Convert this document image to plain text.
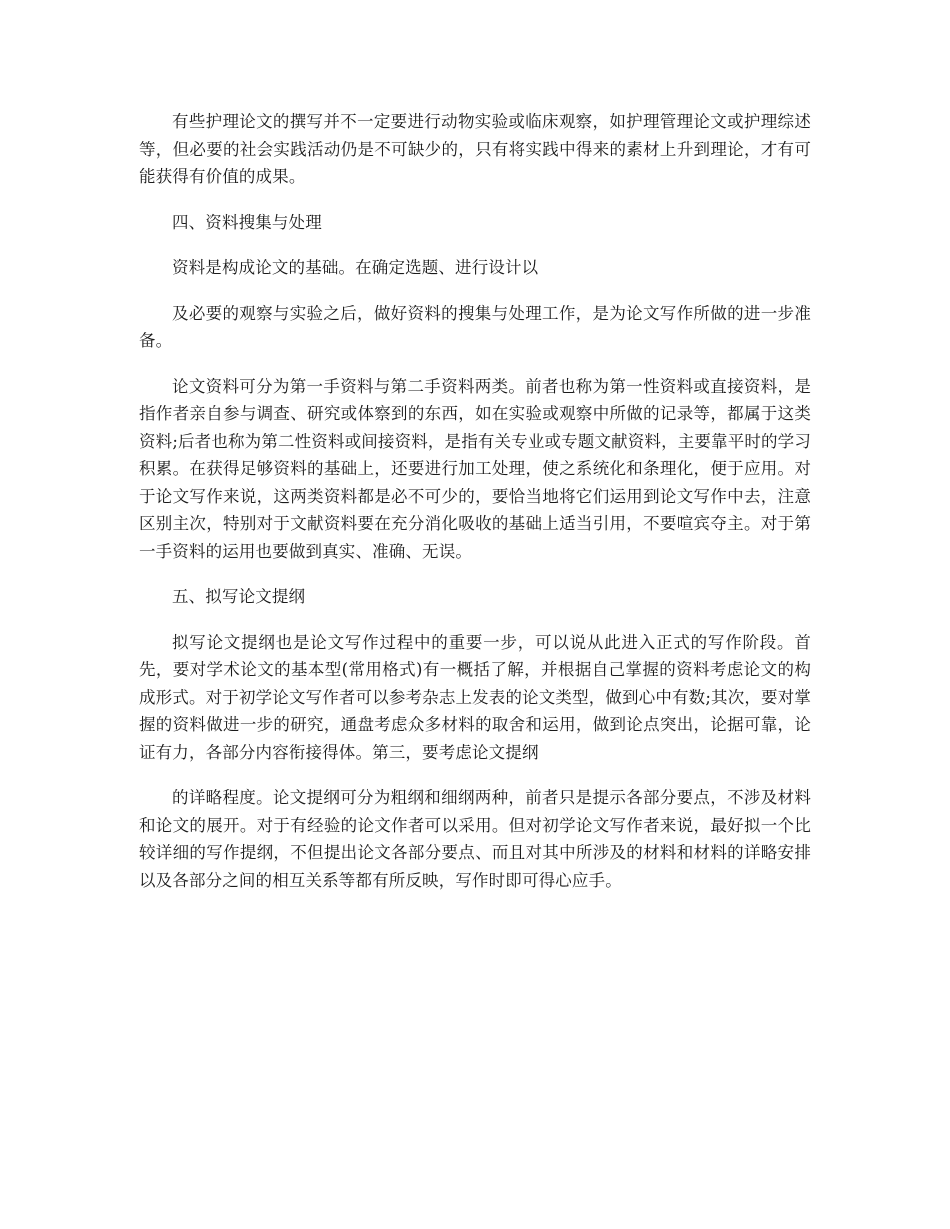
有些护理论文的撰写并不一定要进行动物实验或临床观察，如护理管理论文或护理综述等，但必要的社会实践活动仍是不可缺少的，只有将实践中得来的素材上升到理论，才有可能获得有价值的成果。

四、资料搜集与处理

资料是构成论文的基础。在确定选题、进行设计以

及必要的观察与实验之后，做好资料的搜集与处理工作，是为论文写作所做的进一步准备。

论文资料可分为第一手资料与第二手资料两类。前者也称为第一性资料或直接资料，是指作者亲自参与调查、研究或体察到的东西，如在实验或观察中所做的记录等，都属于这类资料;后者也称为第二性资料或间接资料，是指有关专业或专题文献资料，主要靠平时的学习积累。在获得足够资料的基础上，还要进行加工处理，使之系统化和条理化，便于应用。对于论文写作来说，这两类资料都是必不可少的，要恰当地将它们运用到论文写作中去，注意区别主次，特别对于文献资料要在充分消化吸收的基础上适当引用，不要喧宾夺主。对于第一手资料的运用也要做到真实、准确、无误。

五、拟写论文提纲

拟写论文提纲也是论文写作过程中的重要一步，可以说从此进入正式的写作阶段。首先，要对学术论文的基本型(常用格式)有一概括了解，并根据自己掌握的资料考虑论文的构成形式。对于初学论文写作者可以参考杂志上发表的论文类型，做到心中有数;其次，要对掌握的资料做进一步的研究，通盘考虑众多材料的取舍和运用，做到论点突出，论据可靠，论证有力，各部分内容衔接得体。第三，要考虑论文提纲

的详略程度。论文提纲可分为粗纲和细纲两种，前者只是提示各部分要点，不涉及材料和论文的展开。对于有经验的论文作者可以采用。但对初学论文写作者来说，最好拟一个比较详细的写作提纲，不但提出论文各部分要点、而且对其中所涉及的材料和材料的详略安排以及各部分之间的相互关系等都有所反映，写作时即可得心应手。
